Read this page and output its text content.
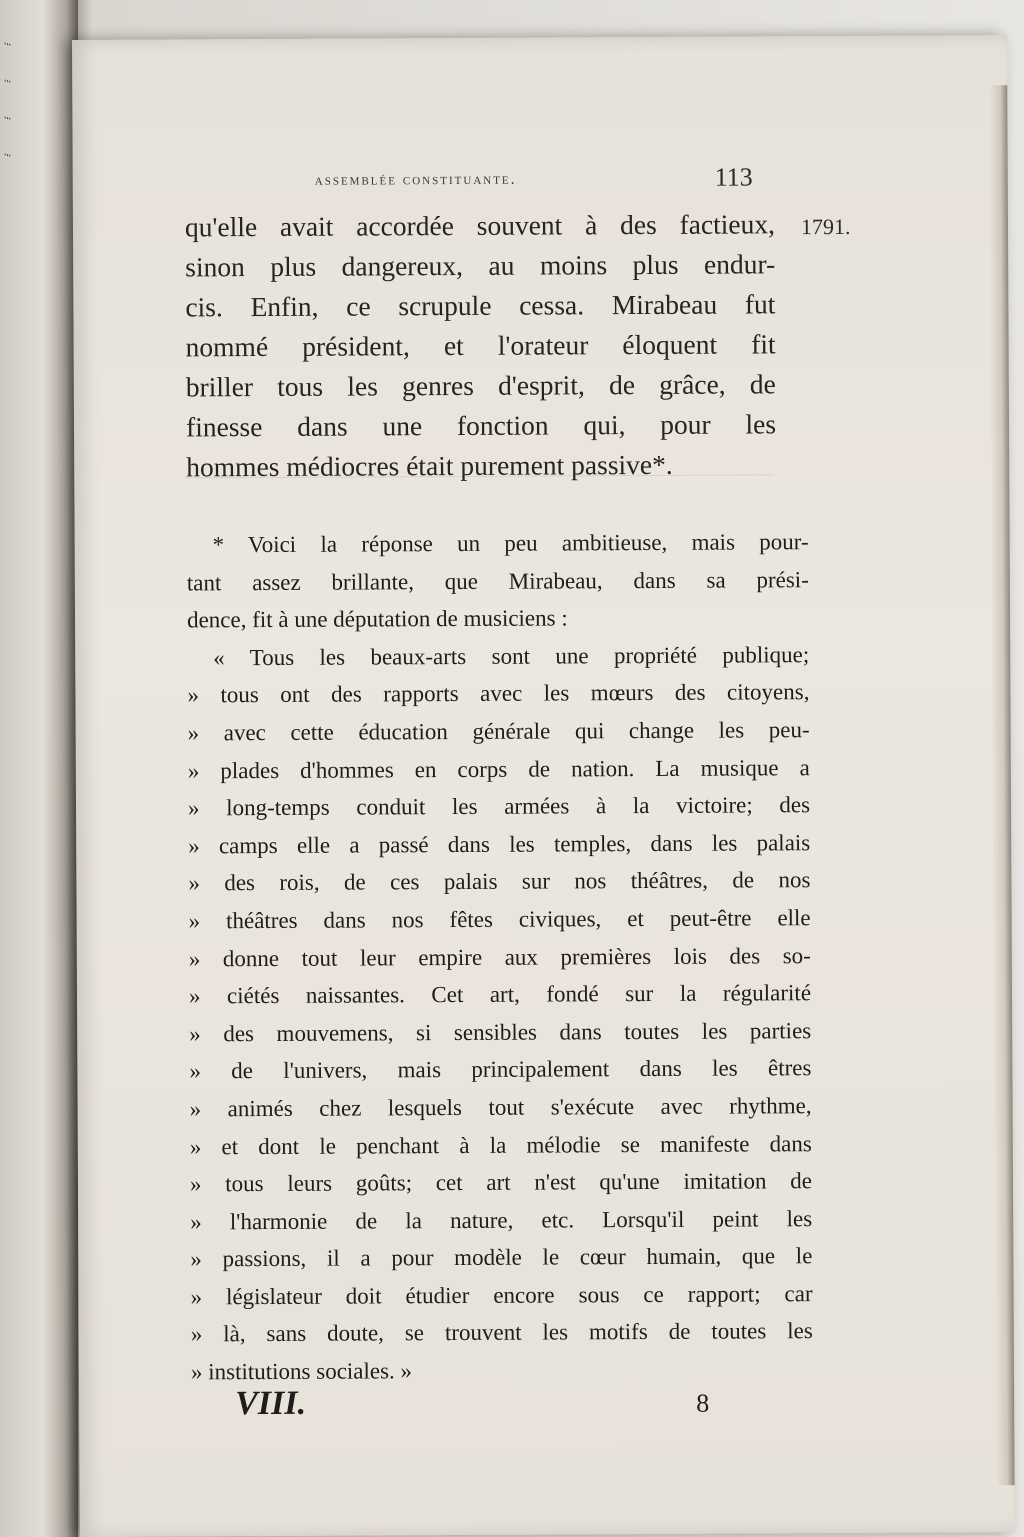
...
...
...
...
assemblée constituante.	113
1791.
qu'elle avait accordée souvent à des factieux,
sinon plus dangereux, au moins plus endur-
cis. Enfin, ce scrupule cessa. Mirabeau fut
nommé président, et l'orateur éloquent fit
briller tous les genres d'esprit, de grâce, de
finesse dans une fonction qui, pour les
hommes médiocres était purement passive*.
* Voici la réponse un peu ambitieuse, mais pour-
tant assez brillante, que Mirabeau, dans sa prési-
dence, fit à une députation de musiciens :
« Tous les beaux-arts sont une propriété publique;
» tous ont des rapports avec les mœurs des citoyens,
» avec cette éducation générale qui change les peu-
» plades d'hommes en corps de nation. La musique a
» long-temps conduit les armées à la victoire; des
» camps elle a passé dans les temples, dans les palais
» des rois, de ces palais sur nos théâtres, de nos
» théâtres dans nos fêtes civiques, et peut-être elle
» donne tout leur empire aux premières lois des so-
» ciétés naissantes. Cet art, fondé sur la régularité
» des mouvemens, si sensibles dans toutes les parties
» de l'univers, mais principalement dans les êtres
» animés chez lesquels tout s'exécute avec rhythme,
» et dont le penchant à la mélodie se manifeste dans
» tous leurs goûts; cet art n'est qu'une imitation de
» l'harmonie de la nature, etc. Lorsqu'il peint les
» passions, il a pour modèle le cœur humain, que le
» législateur doit étudier encore sous ce rapport; car
» là, sans doute, se trouvent les motifs de toutes les
» institutions sociales. »
VIII.	8
